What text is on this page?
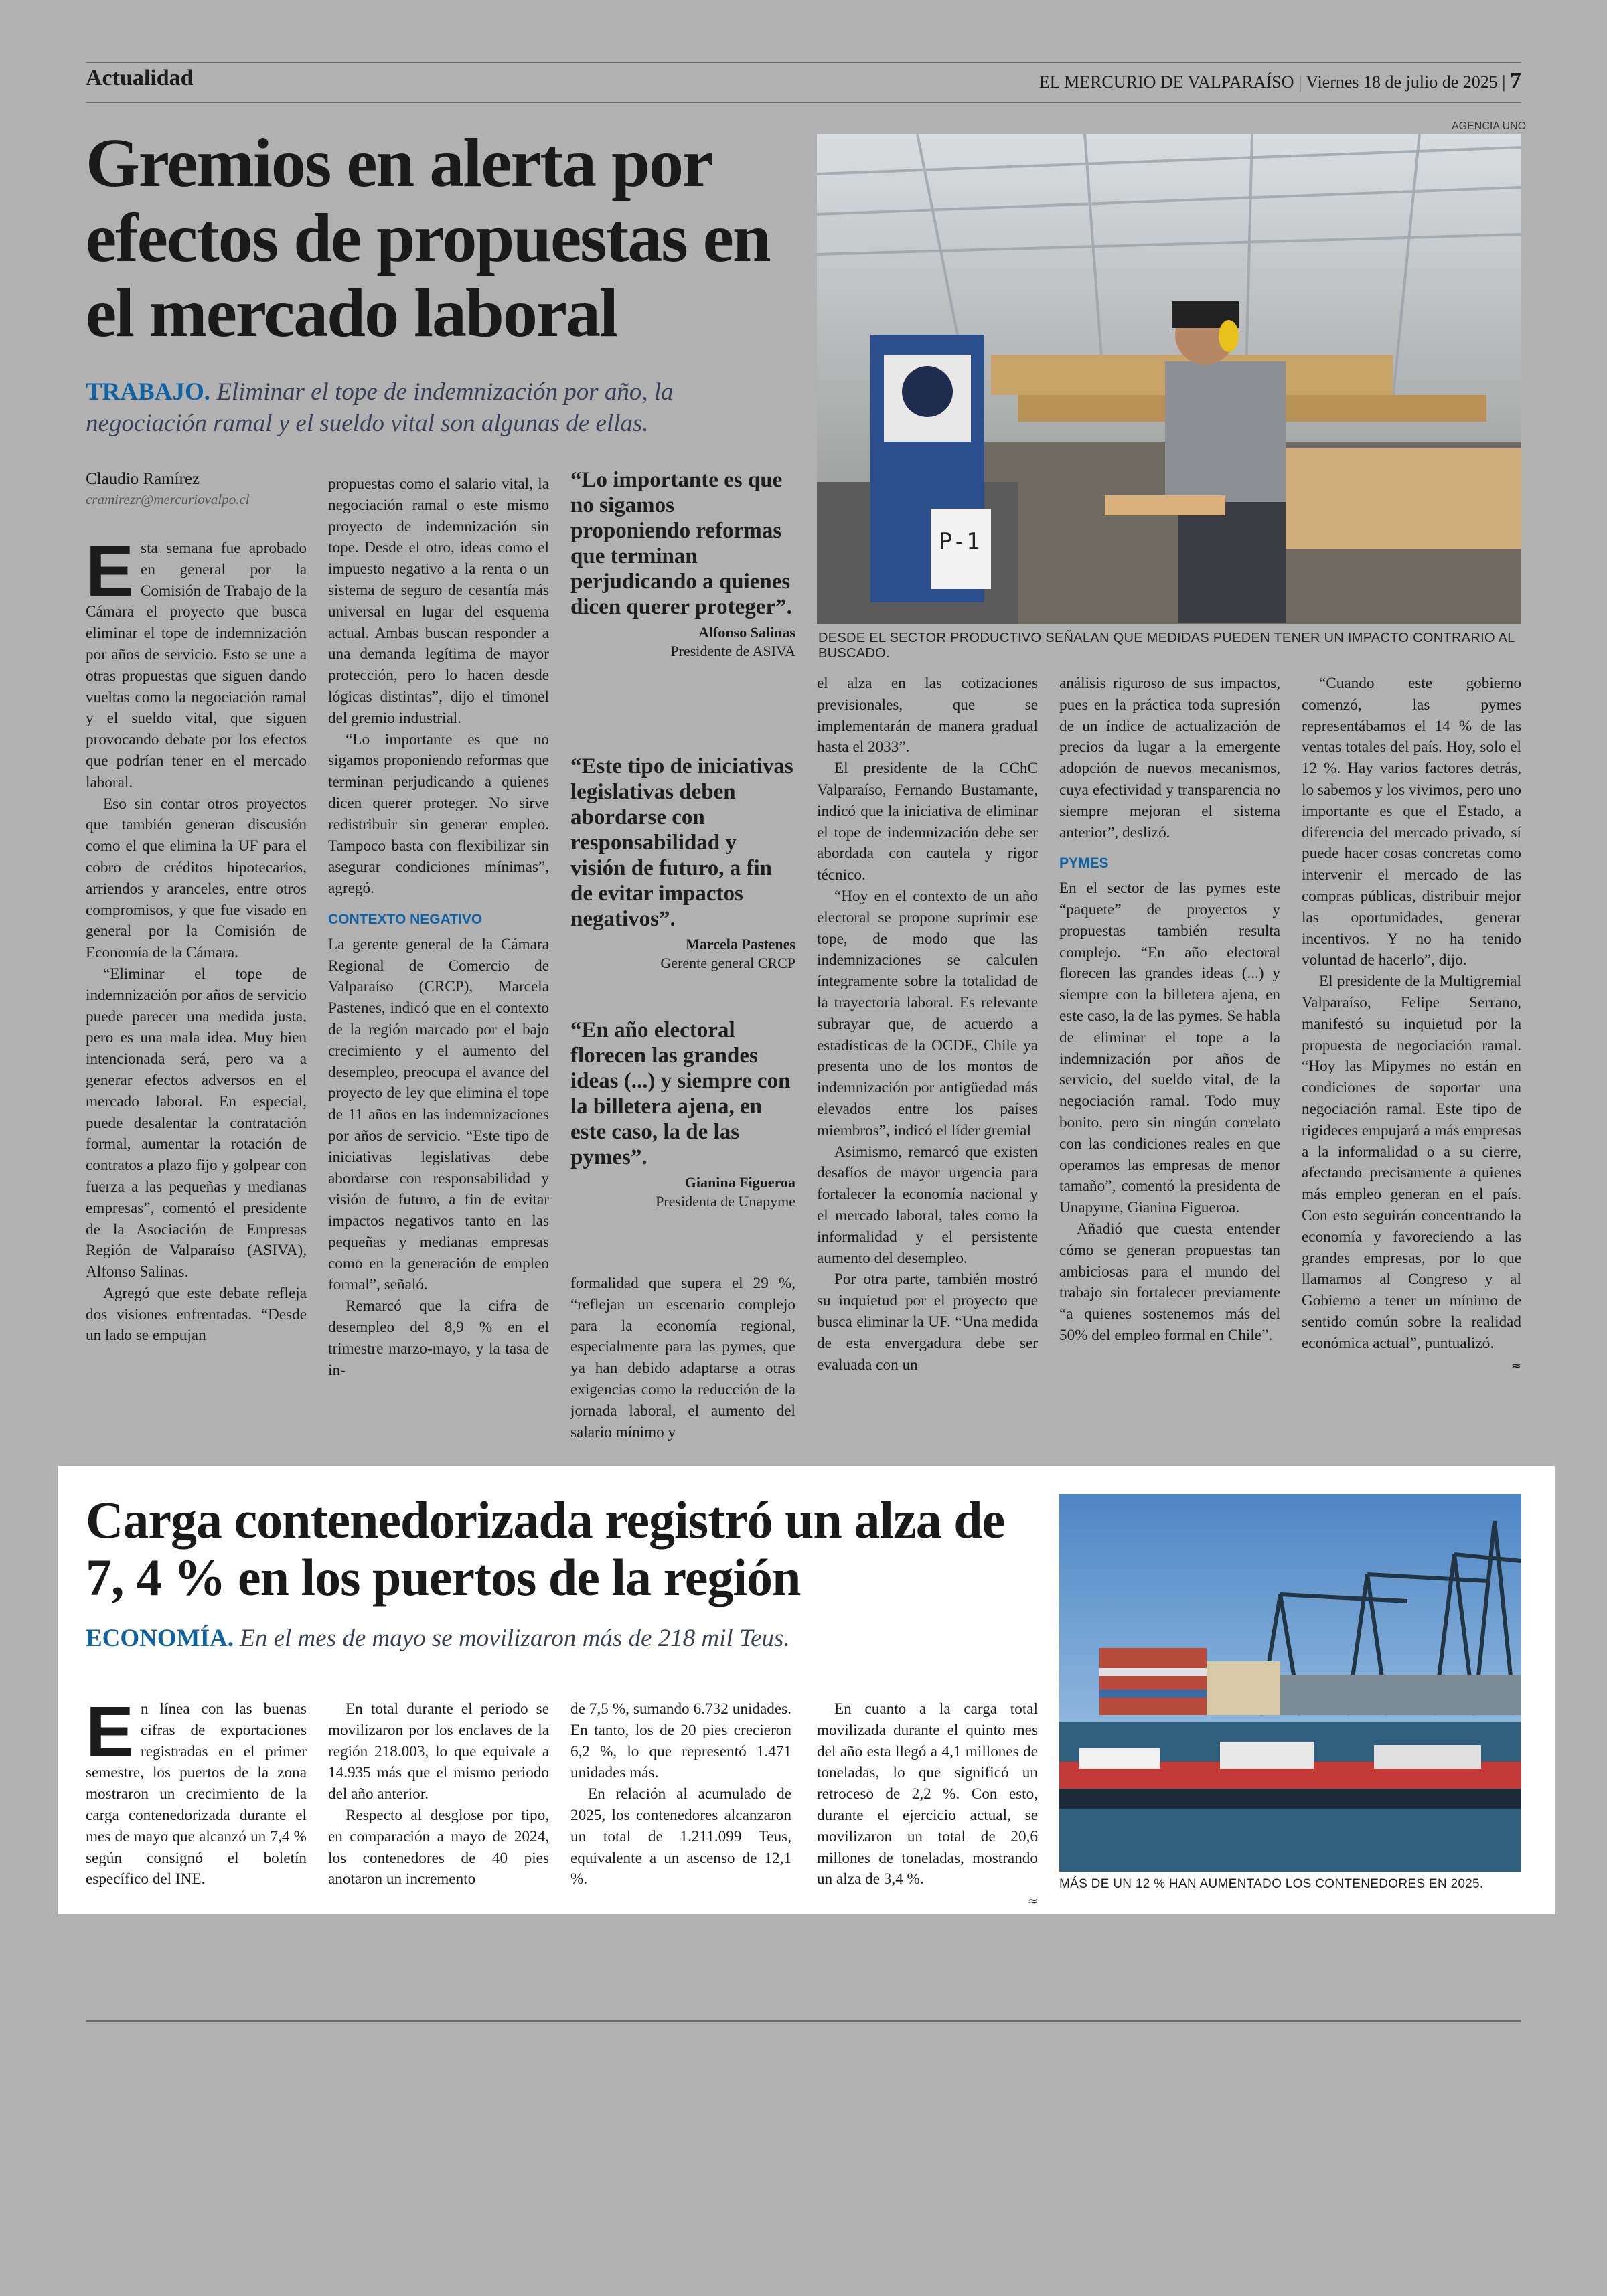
Actualidad	EL MERCURIO DE VALPARAÍSO | Viernes 18 de julio de 2025 | 7
Gremios en alerta por efectos de propuestas en el mercado laboral
TRABAJO. Eliminar el tope de indemnización por año, la negociación ramal y el sueldo vital son algunas de ellas.
Claudio Ramírez
cramirezr@mercuriovalpo.cl
AGENCIA UNO
P-1
DESDE EL SECTOR PRODUCTIVO SEÑALAN QUE MEDIDAS PUEDEN TENER UN IMPACTO CONTRARIO AL BUSCADO.

Esta semana fue aprobado en general por la Comisión de Trabajo de la Cámara el proyecto que busca eliminar el tope de indemnización por años de servicio. Esto se une a otras propuestas que siguen dando vueltas como la negociación ramal y el sueldo vital, que siguen provocando debate por los efectos que podrían tener en el mercado laboral.

Eso sin contar otros proyectos que también generan discusión como el que elimina la UF para el cobro de créditos hipotecarios, arriendos y aranceles, entre otros compromisos, y que fue visado en general por la Comisión de Economía de la Cámara.

“Eliminar el tope de indemnización por años de servicio puede parecer una medida justa, pero es una mala idea. Muy bien intencionada será, pero va a generar efectos adversos en el mercado laboral. En especial, puede desalentar la contratación formal, aumentar la rotación de contratos a plazo fijo y golpear con fuerza a las pequeñas y medianas empresas”, comentó el presidente de la Asociación de Empresas Región de Valparaíso (ASIVA), Alfonso Salinas.

Agregó que este debate refleja dos visiones enfrentadas. “Desde un lado se empujan

propuestas como el salario vital, la negociación ramal o este mismo proyecto de indemnización sin tope. Desde el otro, ideas como el impuesto negativo a la renta o un sistema de seguro de cesantía más universal en lugar del esquema actual. Ambas buscan responder a una demanda legítima de mayor protección, pero lo hacen desde lógicas distintas”, dijo el timonel del gremio industrial.

“Lo importante es que no sigamos proponiendo reformas que terminan perjudicando a quienes dicen querer proteger. No sirve redistribuir sin generar empleo. Tampoco basta con flexibilizar sin asegurar condiciones mínimas”, agregó.

CONTEXTO NEGATIVO

La gerente general de la Cámara Regional de Comercio de Valparaíso (CRCP), Marcela Pastenes, indicó que en el contexto de la región marcado por el bajo crecimiento y el aumento del desempleo, preocupa el avance del proyecto de ley que elimina el tope de 11 años en las indemnizaciones por años de servicio. “Este tipo de iniciativas legislativas debe abordarse con responsabilidad y visión de futuro, a fin de evitar impactos negativos tanto en las pequeñas y medianas empresas como en la generación de empleo formal”, señaló.

Remarcó que la cifra de desempleo del 8,9 % en el trimestre marzo-mayo, y la tasa de in-

“Lo importante es que no sigamos proponiendo reformas que terminan perjudicando a quienes dicen querer proteger”.
Alfonso Salinas
Presidente de ASIVA
“Este tipo de iniciativas legislativas deben abordarse con responsabilidad y visión de futuro, a fin de evitar impactos negativos”.
Marcela Pastenes
Gerente general CRCP
“En año electoral florecen las grandes ideas (...) y siempre con la billetera ajena, en este caso, la de las pymes”.
Gianina Figueroa
Presidenta de Unapyme

formalidad que supera el 29 %, “reflejan un escenario complejo para la economía regional, especialmente para las pymes, que ya han debido adaptarse a otras exigencias como la reducción de la jornada laboral, el aumento del salario mínimo y

el alza en las cotizaciones previsionales, que se implementarán de manera gradual hasta el 2033”.

El presidente de la CChC Valparaíso, Fernando Bustamante, indicó que la iniciativa de eliminar el tope de indemnización debe ser abordada con cautela y rigor técnico.

“Hoy en el contexto de un año electoral se propone suprimir ese tope, de modo que las indemnizaciones se calculen íntegramente sobre la totalidad de la trayectoria laboral. Es relevante subrayar que, de acuerdo a estadísticas de la OCDE, Chile ya presenta uno de los montos de indemnización por antigüedad más elevados entre los países miembros”, indicó el líder gremial

Asimismo, remarcó que existen desafíos de mayor urgencia para fortalecer la economía nacional y el mercado laboral, tales como la informalidad y el persistente aumento del desempleo.

Por otra parte, también mostró su inquietud por el proyecto que busca eliminar la UF. “Una medida de esta envergadura debe ser evaluada con un

análisis riguroso de sus impactos, pues en la práctica toda supresión de un índice de actualización de precios da lugar a la emergente adopción de nuevos mecanismos, cuya efectividad y transparencia no siempre mejoran el sistema anterior”, deslizó.

PYMES

En el sector de las pymes este “paquete” de proyectos y propuestas también resulta complejo. “En año electoral florecen las grandes ideas (...) y siempre con la billetera ajena, en este caso, la de las pymes. Se habla de eliminar el tope a la indemnización por años de servicio, del sueldo vital, de la negociación ramal. Todo muy bonito, pero sin ningún correlato con las condiciones reales en que operamos las empresas de menor tamaño”, comentó la presidenta de Unapyme, Gianina Figueroa.

Añadió que cuesta entender cómo se generan propuestas tan ambiciosas para el mundo del trabajo sin fortalecer previamente “a quienes sostenemos más del 50% del empleo formal en Chile”.

“Cuando este gobierno comenzó, las pymes representábamos el 14 % de las ventas totales del país. Hoy, solo el 12 %. Hay varios factores detrás, lo sabemos y los vivimos, pero uno importante es que el Estado, a diferencia del mercado privado, sí puede hacer cosas concretas como intervenir el mercado de las compras públicas, distribuir mejor las oportunidades, generar incentivos. Y no ha tenido voluntad de hacerlo”, dijo.

El presidente de la Multigremial Valparaíso, Felipe Serrano, manifestó su inquietud por la propuesta de negociación ramal. “Hoy las Mipymes no están en condiciones de soportar una negociación ramal. Este tipo de rigideces empujará a más empresas a la informalidad o a su cierre, afectando precisamente a quienes más empleo generan en el país. Con esto seguirán concentrando la economía y favoreciendo a las grandes empresas, por lo que llamamos al Congreso y al Gobierno a tener un mínimo de sentido común sobre la realidad económica actual”, puntualizó.

≈
Carga contenedorizada registró un alza de 7, 4 % en los puertos de la región
ECONOMÍA. En el mes de mayo se movilizaron más de 218 mil Teus.

En línea con las buenas cifras de exportaciones registradas en el primer semestre, los puertos de la zona mostraron un crecimiento de la carga contenedorizada durante el mes de mayo que alcanzó un 7,4 % según consignó el boletín específico del INE.

En total durante el periodo se movilizaron por los enclaves de la región 218.003, lo que equivale a 14.935 más que el mismo periodo del año anterior.

Respecto al desglose por tipo, en comparación a mayo de 2024, los contenedores de 40 pies anotaron un incremento

de 7,5 %, sumando 6.732 unidades. En tanto, los de 20 pies crecieron 6,2 %, lo que representó 1.471 unidades más.

En relación al acumulado de 2025, los contenedores alcanzaron un total de 1.211.099 Teus, equivalente a un ascenso de 12,1 %.

En cuanto a la carga total movilizada durante el quinto mes del año esta llegó a 4,1 millones de toneladas, lo que significó un retroceso de 2,2 %. Con esto, durante el ejercicio actual, se movilizaron un total de 20,6 millones de toneladas, mostrando un alza de 3,4 %.

≈
MÁS DE UN 12 % HAN AUMENTADO LOS CONTENEDORES EN 2025.
